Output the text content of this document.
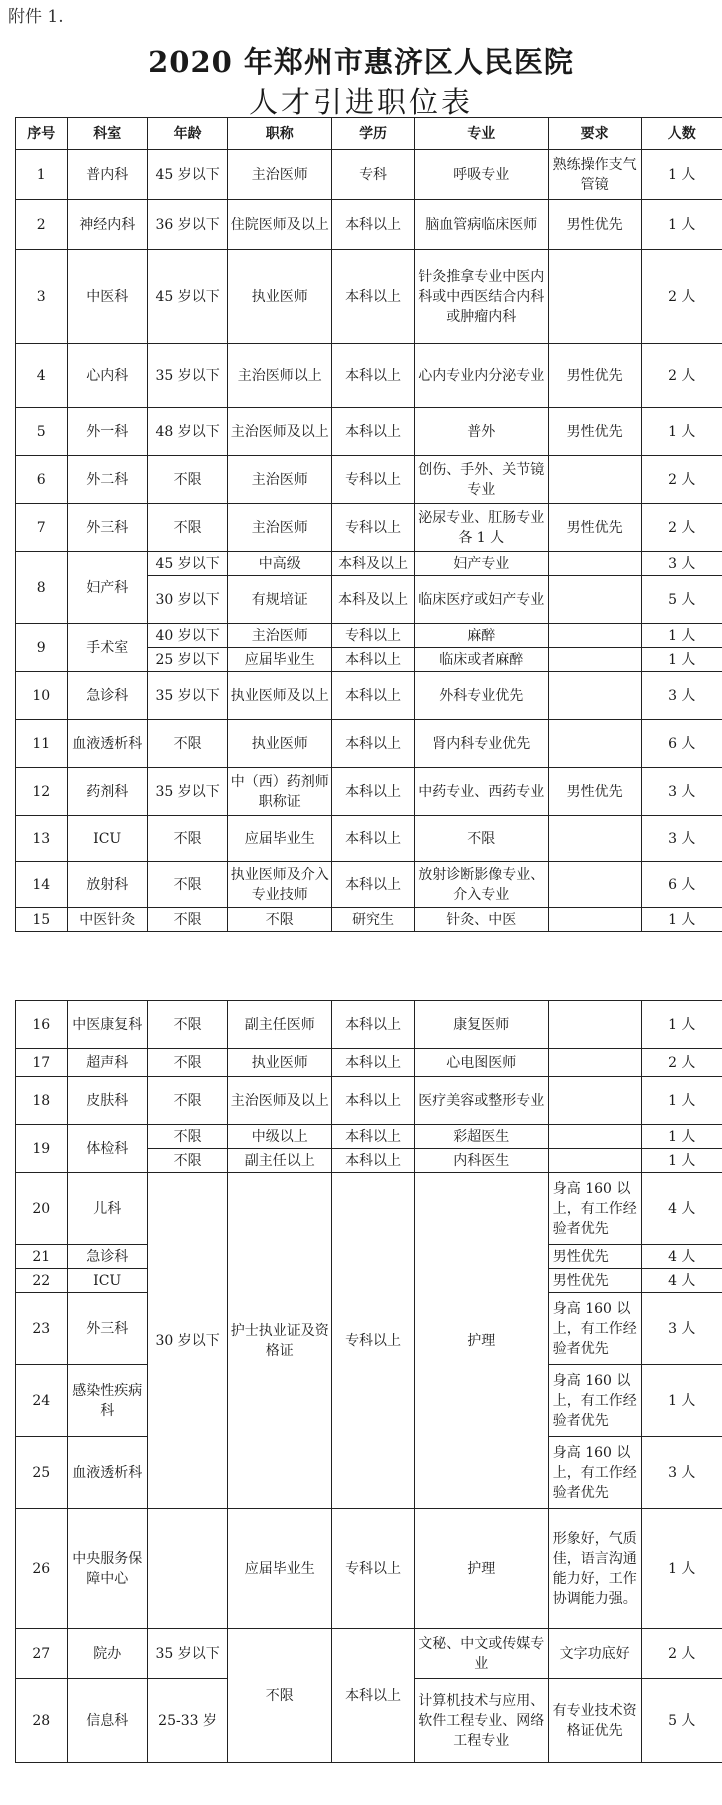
附件 1.
2020 年郑州市惠济区人民医院
人才引进职位表
序号	科室	年龄	职称	学历	专业	要求	人数
1	普内科	45 岁以下	主治医师	专科	呼吸专业	熟练操作支气管镜	1 人
2	神经内科	36 岁以下	住院医师及以上	本科以上	脑血管病临床医师	男性优先	1 人
3	中医科	45 岁以下	执业医师	本科以上	针灸推拿专业中医内科或中西医结合内科或肿瘤内科		2 人
4	心内科	35 岁以下	主治医师以上	本科以上	心内专业内分泌专业	男性优先	2 人
5	外一科	48 岁以下	主治医师及以上	本科以上	普外	男性优先	1 人
6	外二科	不限	主治医师	专科以上	创伤、手外、关节镜专业		2 人
7	外三科	不限	主治医师	专科以上	泌尿专业、肛肠专业各 1 人	男性优先	2 人
8	妇产科	45 岁以下	中高级	本科及以上	妇产专业		3 人
		30 岁以下	有规培证	本科及以上	临床医疗或妇产专业		5 人
9	手术室	40 岁以下	主治医师	专科以上	麻醉		1 人
		25 岁以下	应届毕业生	本科以上	临床或者麻醉		1 人
10	急诊科	35 岁以下	执业医师及以上	本科以上	外科专业优先		3 人
11	血液透析科	不限	执业医师	本科以上	肾内科专业优先		6 人
12	药剂科	35 岁以下	中（西）药剂师职称证	本科以上	中药专业、西药专业	男性优先	3 人
13	ICU	不限	应届毕业生	本科以上	不限		3 人
14	放射科	不限	执业医师及介入专业技师	本科以上	放射诊断影像专业、介入专业		6 人
15	中医针灸	不限	不限	研究生	针灸、中医		1 人
16	中医康复科	不限	副主任医师	本科以上	康复医师		1 人
17	超声科	不限	执业医师	本科以上	心电图医师		2 人
18	皮肤科	不限	主治医师及以上	本科以上	医疗美容或整形专业		1 人
19	体检科	不限	中级以上	本科以上	彩超医生		1 人
		不限	副主任以上	本科以上	内科医生		1 人
20	儿科	30 岁以下	护士执业证及资格证	专科以上	护理	身高 160 以上，有工作经验者优先	4 人
21	急诊科					男性优先	4 人
22	ICU					男性优先	4 人
23	外三科					身高 160 以上，有工作经验者优先	3 人
24	感染性疾病科					身高 160 以上，有工作经验者优先	1 人
25	血液透析科					身高 160 以上，有工作经验者优先	3 人
26	中央服务保障中心		应届毕业生	专科以上	护理	形象好，气质佳，语言沟通能力好，工作协调能力强。	1 人
27	院办	35 岁以下	不限	本科以上	文秘、中文或传媒专业	文字功底好	2 人
28	信息科	25-33 岁			计算机技术与应用、软件工程专业、网络工程专业	有专业技术资格证优先	5 人
